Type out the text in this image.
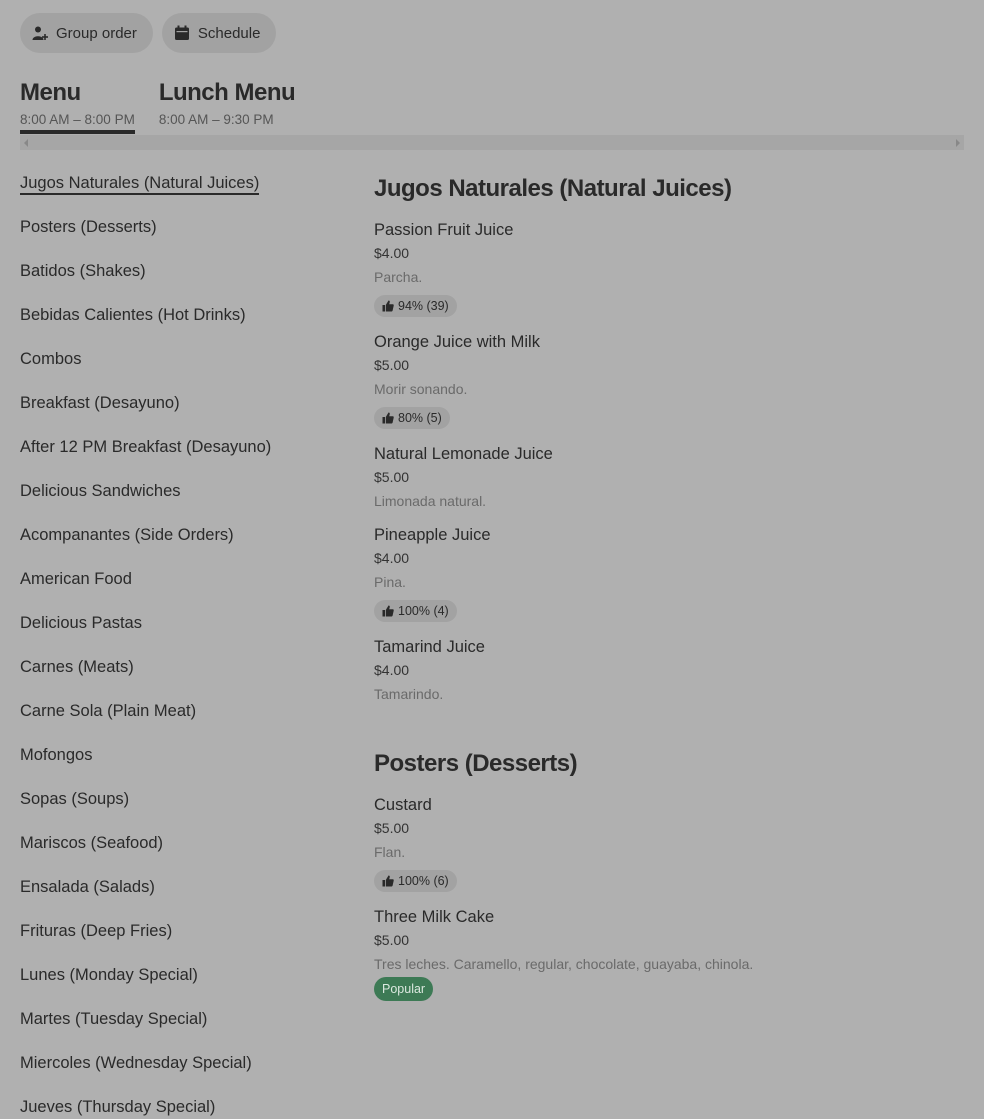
Group order	Schedule
Menu
8:00 AM – 8:00 PM
Lunch Menu
8:00 AM – 9:30 PM
Jugos Naturales (Natural Juices)
Posters (Desserts)
Batidos (Shakes)
Bebidas Calientes (Hot Drinks)
Combos
Breakfast (Desayuno)
After 12 PM Breakfast (Desayuno)
Delicious Sandwiches
Acompanantes (Side Orders)
American Food
Delicious Pastas
Carnes (Meats)
Carne Sola (Plain Meat)
Mofongos
Sopas (Soups)
Mariscos (Seafood)
Ensalada (Salads)
Frituras (Deep Fries)
Lunes (Monday Special)
Martes (Tuesday Special)
Miercoles (Wednesday Special)
Jueves (Thursday Special)
Jugos Naturales (Natural Juices)
Passion Fruit Juice
$4.00
Parcha.
94% (39)
Orange Juice with Milk
$5.00
Morir sonando.
80% (5)
Natural Lemonade Juice
$5.00
Limonada natural.
Pineapple Juice
$4.00
Pina.
100% (4)
Tamarind Juice
$4.00
Tamarindo.
Posters (Desserts)
Custard
$5.00
Flan.
100% (6)
Three Milk Cake
$5.00
Tres leches. Caramello, regular, chocolate, guayaba, chinola.
Popular
